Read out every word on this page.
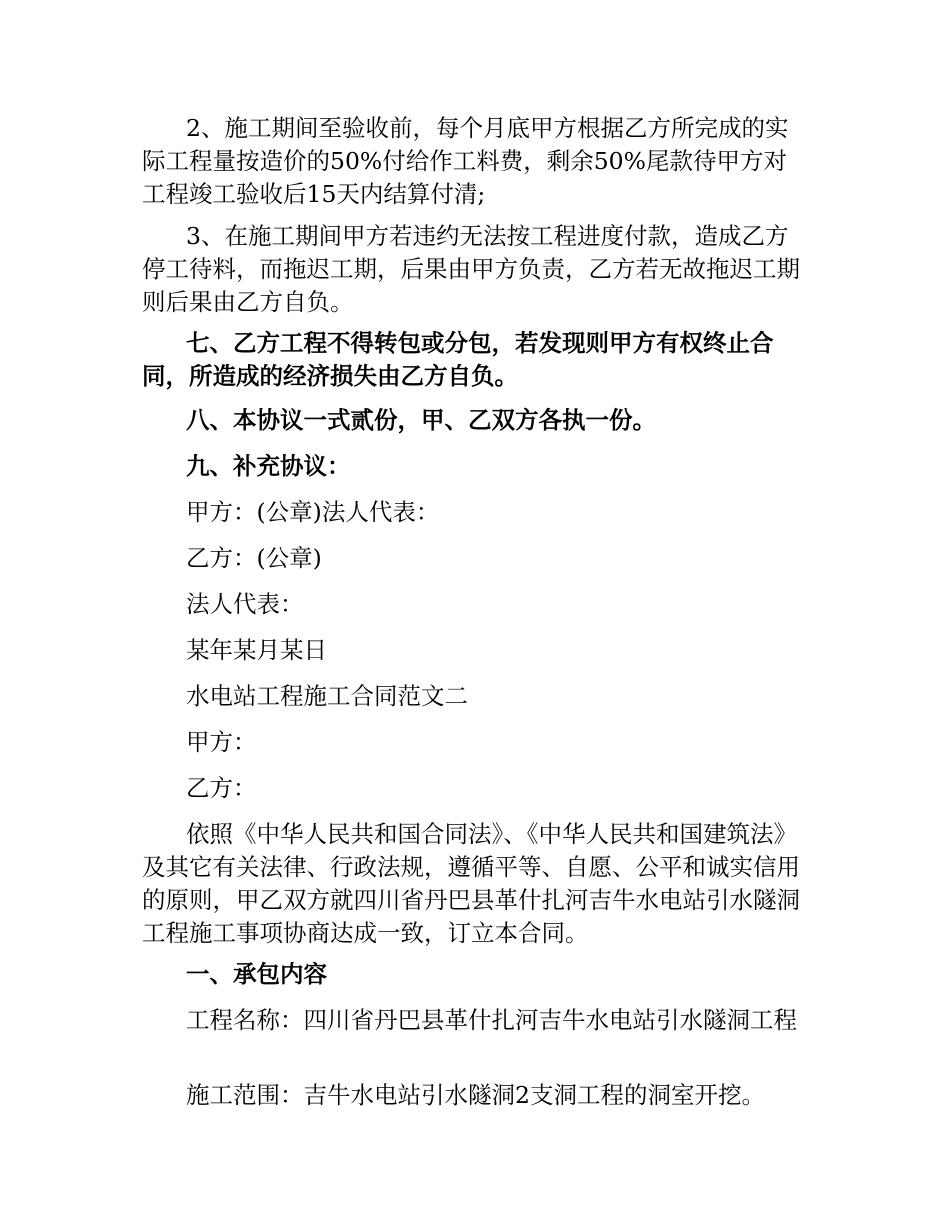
2、施工期间至验收前，每个月底甲方根据乙方所完成的实际工程量按造价的50%付给作工料费，剩余50%尾款待甲方对工程竣工验收后15天内结算付清;

3、在施工期间甲方若违约无法按工程进度付款，造成乙方停工待料，而拖迟工期，后果由甲方负责，乙方若无故拖迟工期则后果由乙方自负。

七、乙方工程不得转包或分包，若发现则甲方有权终止合同，所造成的经济损失由乙方自负。

八、本协议一式贰份，甲、乙双方各执一份。

九、补充协议：

甲方：(公章)法人代表：

乙方：(公章)

法人代表：

某年某月某日

水电站工程施工合同范文二

甲方：

乙方：

依照《中华人民共和国合同法》、《中华人民共和国建筑法》及其它有关法律、行政法规，遵循平等、自愿、公平和诚实信用的原则，甲乙双方就四川省丹巴县革什扎河吉牛水电站引水隧洞工程施工事项协商达成一致，订立本合同。

一、承包内容

工程名称：四川省丹巴县革什扎河吉牛水电站引水隧洞工程

施工范围：吉牛水电站引水隧洞2支洞工程的洞室开挖。
